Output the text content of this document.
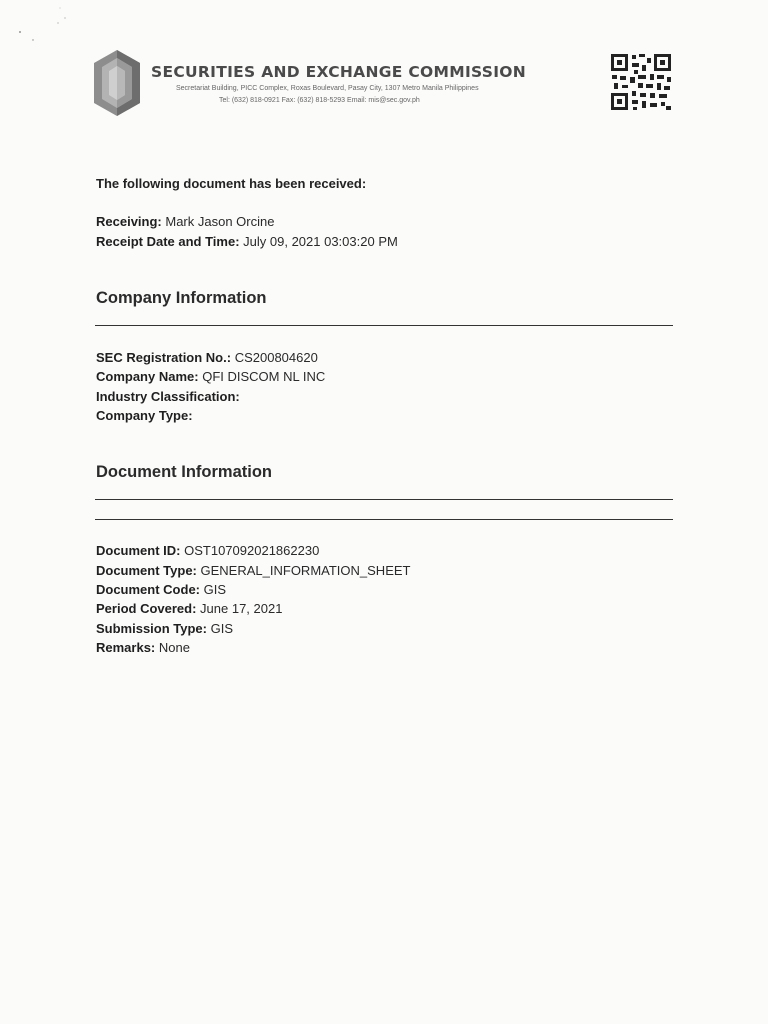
SECURITIES AND EXCHANGE COMMISSION
Secretariat Building, PICC Complex, Roxas Boulevard, Pasay City, 1307 Metro Manila Philippines
Tel: (632) 818-0921 Fax: (632) 818-5293 Email: mis@sec.gov.ph
The following document has been received:
Receiving: Mark Jason Orcine
Receipt Date and Time: July 09, 2021 03:03:20 PM
Company Information
SEC Registration No.: CS200804620
Company Name: QFI DISCOM NL INC
Industry Classification:
Company Type:
Document Information
Document ID: OST107092021862230
Document Type: GENERAL_INFORMATION_SHEET
Document Code: GIS
Period Covered: June 17, 2021
Submission Type: GIS
Remarks: None
